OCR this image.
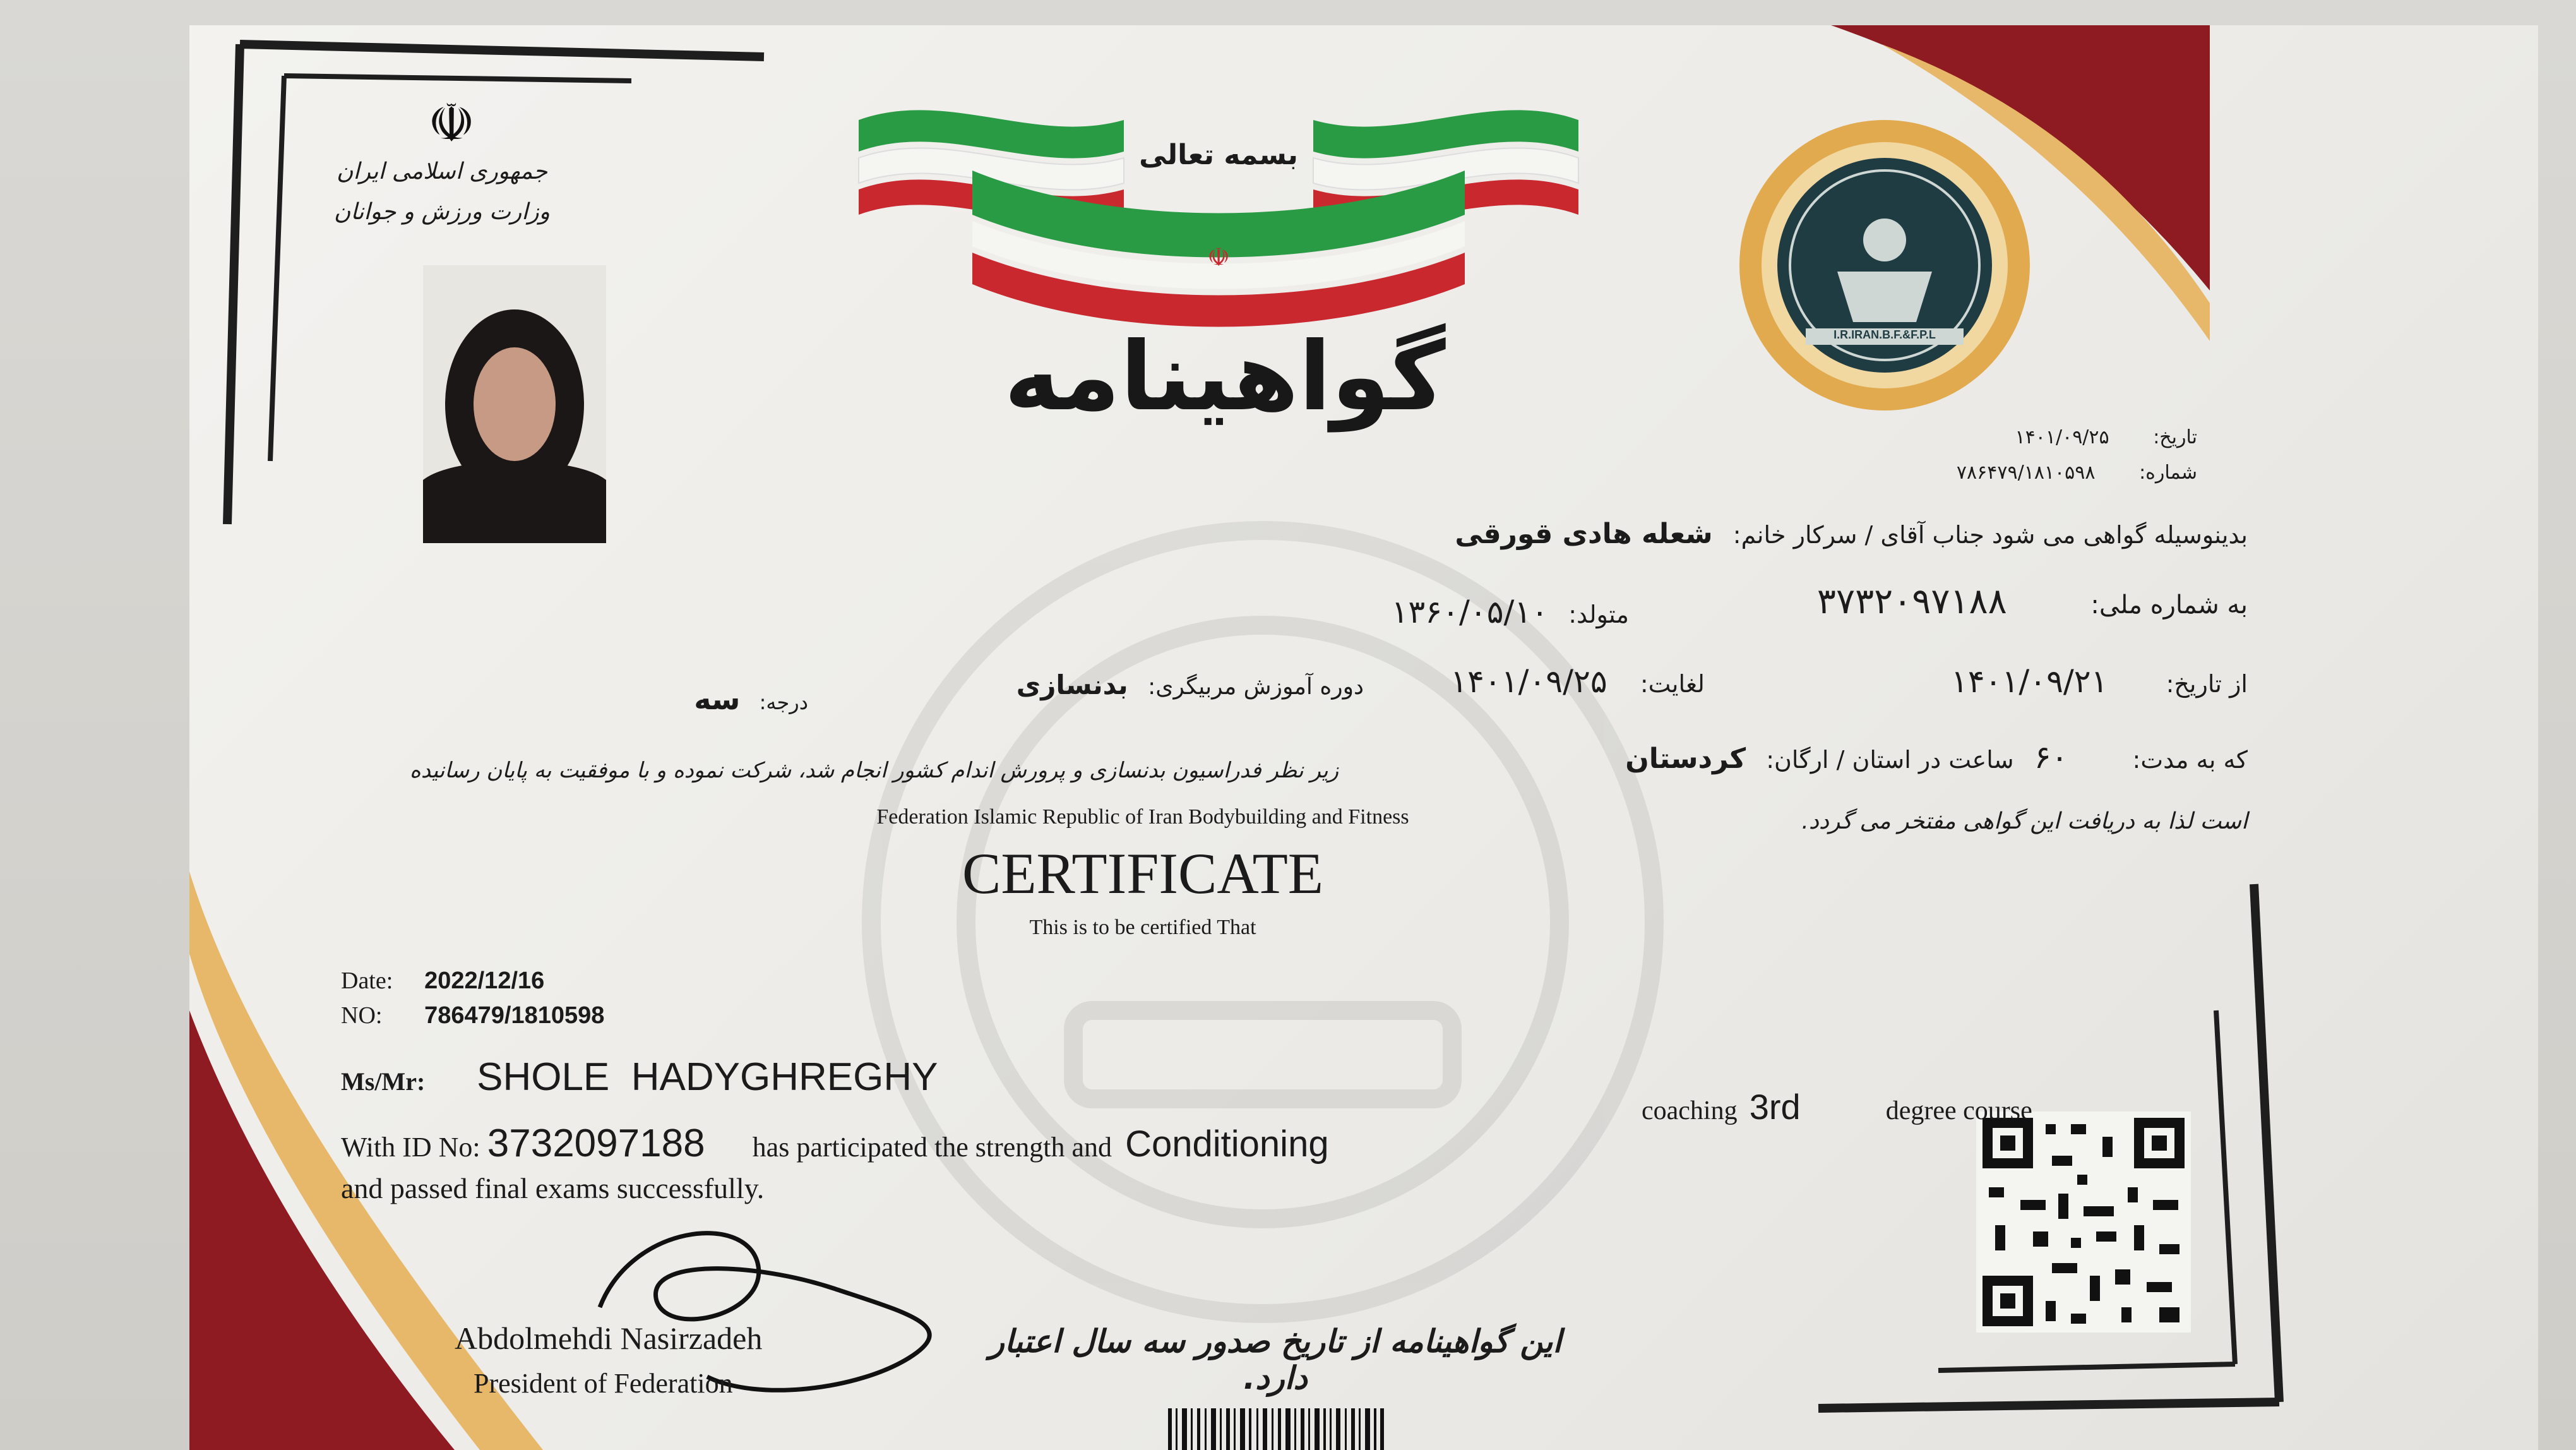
☫
جمهوری اسلامی ایران
وزارت ورزش و جوانان
بسمه تعالی
☫
گواهینامه
تاریخ: ۱۴۰۱/۰۹/۲۵
شماره: ۷۸۶۴۷۹/۱۸۱۰۵۹۸
بدینوسیله گواهی می شود جناب آقای / سرکار خانم: شعله هادی قورقی
به شماره ملی: ۳۷۳۲۰۹۷۱۸۸
متولد: ۱۳۶۰/۰۵/۱۰
از تاریخ: ۱۴۰۱/۰۹/۲۱
لغایت: ۱۴۰۱/۰۹/۲۵
دوره آموزش مربیگری: بدنسازی
درجه: سه
که به مدت: ۶۰ ساعت در استان / ارگان: کردستان
زیر نظر فدراسیون بدنسازی و پرورش اندام کشور انجام شد، شرکت نموده و با موفقیت به پایان رسانیده
است لذا به دریافت این گواهی مفتخر می گردد.
Federation Islamic Republic of Iran Bodybuilding and Fitness
CERTIFICATE
This is to be certified That
Date: 2022/12/16
NO: 786479/1810598
Ms/Mr: SHOLE  HADYGHREGHY
coaching 3rd	degree course
With ID No: 3732097188 has participated the strength and Conditioning
and passed final exams successfully.
Abdolmehdi Nasirzadeh
President of Federation
این گواهینامه از تاریخ صدور سه سال اعتبار دارد.
I.R.IRAN.B.F.&F.P.L
